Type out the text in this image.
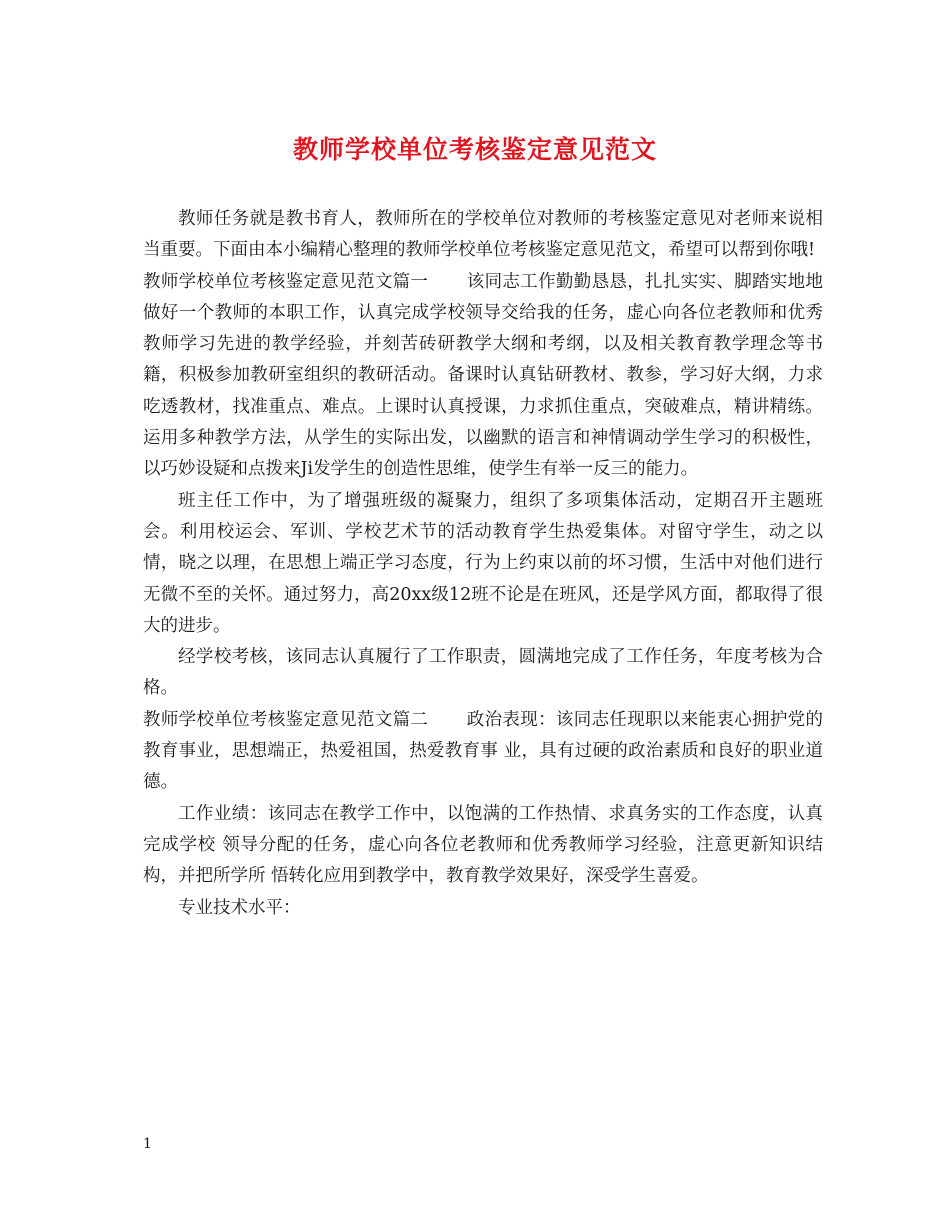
教师学校单位考核鉴定意见范文

教师任务就是教书育人，教师所在的学校单位对教师的考核鉴定意见对老师来说相当重要。下面由本小编精心整理的教师学校单位考核鉴定意见范文，希望可以帮到你哦!

教师学校单位考核鉴定意见范文篇一 该同志工作勤勤恳恳，扎扎实实、脚踏实地地做好一个教师的本职工作，认真完成学校领导交给我的任务，虚心向各位老教师和优秀教师学习先进的教学经验，并刻苦砖研教学大纲和考纲，以及相关教育教学理念等书籍，积极参加教研室组织的教研活动。备课时认真钻研教材、教参，学习好大纲，力求吃透教材，找准重点、难点。上课时认真授课，力求抓住重点，突破难点，精讲精练。运用多种教学方法，从学生的实际出发，以幽默的语言和神情调动学生学习的积极性，以巧妙设疑和点拨来Ji发学生的创造性思维，使学生有举一反三的能力。

班主任工作中，为了增强班级的凝聚力，组织了多项集体活动，定期召开主题班会。利用校运会、军训、学校艺术节的活动教育学生热爱集体。对留守学生，动之以情，晓之以理，在思想上端正学习态度，行为上约束以前的坏习惯，生活中对他们进行无微不至的关怀。通过努力，高20xx级12班不论是在班风，还是学风方面，都取得了很大的进步。

经学校考核，该同志认真履行了工作职责，圆满地完成了工作任务，年度考核为合格。

教师学校单位考核鉴定意见范文篇二 政治表现：该同志任现职以来能衷心拥护党的教育事业，思想端正，热爱祖国，热爱教育事 业，具有过硬的政治素质和良好的职业道德。

工作业绩：该同志在教学工作中，以饱满的工作热情、求真务实的工作态度，认真完成学校 领导分配的任务，虚心向各位老教师和优秀教师学习经验，注意更新知识结构，并把所学所 悟转化应用到教学中，教育教学效果好，深受学生喜爱。

专业技术水平：

1
